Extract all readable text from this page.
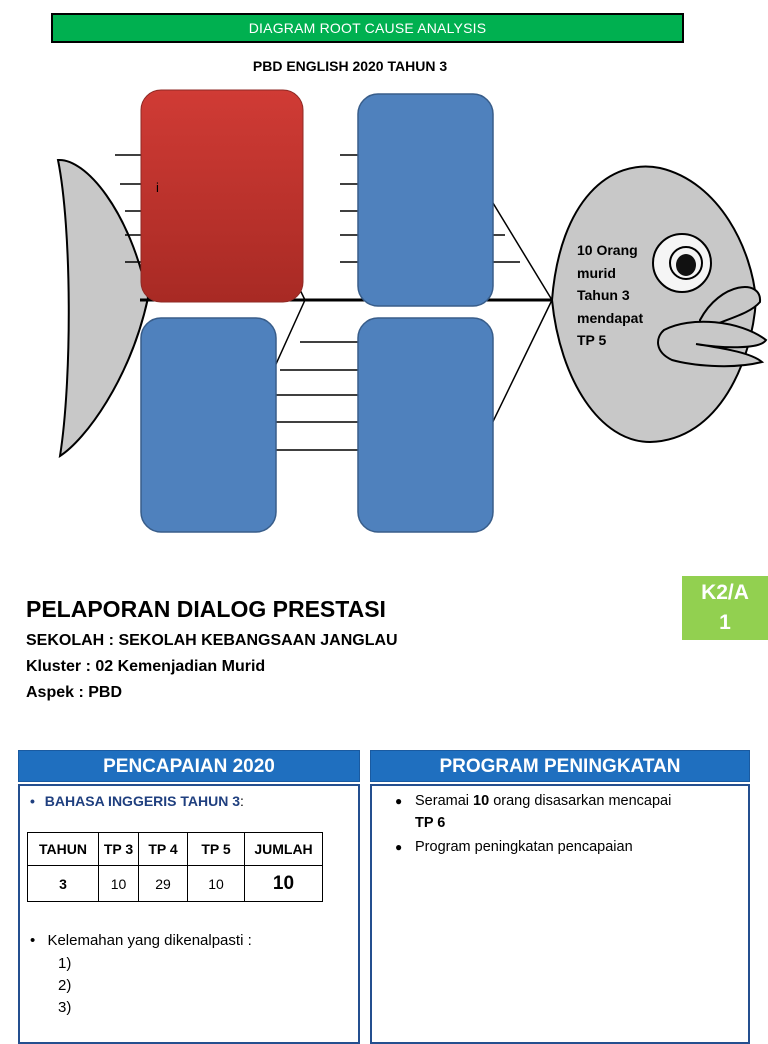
DIAGRAM ROOT CAUSE ANALYSIS
PBD ENGLISH 2020 TAHUN 3
i
10 Orang
murid
Tahun 3
mendapat
TP 5
PELAPORAN DIALOG PRESTASI
SEKOLAH : SEKOLAH KEBANGSAAN JANGLAU
Kluster : 02 Kemenjadian Murid
Aspek : PBD
K2/A
1
PENCAPAIAN 2020
• BAHASA INGGERIS TAHUN 3:
TAHUN	TP 3	TP 4	TP 5	JUMLAH
3	10	29	10	10
• Kelemahan yang dikenalpasti :
1)
2)
3)
PROGRAM PENINGKATAN
● Seramai 10 orang disasarkan mencapai
TP 6
● Program peningkatan pencapaian
